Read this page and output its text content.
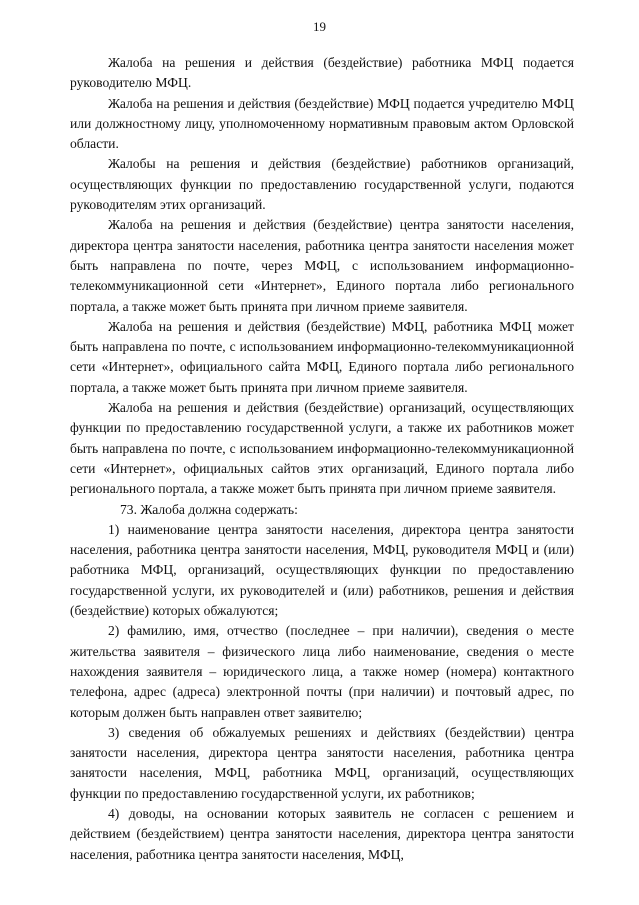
19

Жалоба на решения и действия (бездействие) работника МФЦ подается руководителю МФЦ.

Жалоба на решения и действия (бездействие) МФЦ подается учредителю МФЦ или должностному лицу, уполномоченному нормативным правовым актом Орловской области.

Жалобы на решения и действия (бездействие) работников организаций, осуществляющих функции по предоставлению государственной услуги, подаются руководителям этих организаций.

Жалоба на решения и действия (бездействие) центра занятости населения, директора центра занятости населения, работника центра занятости населения может быть направлена по почте, через МФЦ, с использованием информационно-телекоммуникационной сети «Интернет», Единого портала либо регионального портала, а также может быть принята при личном приеме заявителя.

Жалоба на решения и действия (бездействие) МФЦ, работника МФЦ может быть направлена по почте, с использованием информационно-телекоммуникационной сети «Интернет», официального сайта МФЦ, Единого портала либо регионального портала, а также может быть принята при личном приеме заявителя.

Жалоба на решения и действия (бездействие) организаций, осуществляющих функции по предоставлению государственной услуги, а также их работников может быть направлена по почте, с использованием информационно-телекоммуникационной сети «Интернет», официальных сайтов этих организаций, Единого портала либо регионального портала, а также может быть принята при личном приеме заявителя.

73. Жалоба должна содержать:

1) наименование центра занятости населения, директора центра занятости населения, работника центра занятости населения, МФЦ, руководителя МФЦ и (или) работника МФЦ, организаций, осуществляющих функции по предоставлению государственной услуги, их руководителей и (или) работников, решения и действия (бездействие) которых обжалуются;

2) фамилию, имя, отчество (последнее – при наличии), сведения о месте жительства заявителя – физического лица либо наименование, сведения о месте нахождения заявителя – юридического лица, а также номер (номера) контактного телефона, адрес (адреса) электронной почты (при наличии) и почтовый адрес, по которым должен быть направлен ответ заявителю;

3) сведения об обжалуемых решениях и действиях (бездействии) центра занятости населения, директора центра занятости населения, работника центра занятости населения, МФЦ, работника МФЦ, организаций, осуществляющих функции по предоставлению государственной услуги, их работников;

4) доводы, на основании которых заявитель не согласен с решением и действием (бездействием) центра занятости населения, директора центра занятости населения, работника центра занятости населения, МФЦ,
